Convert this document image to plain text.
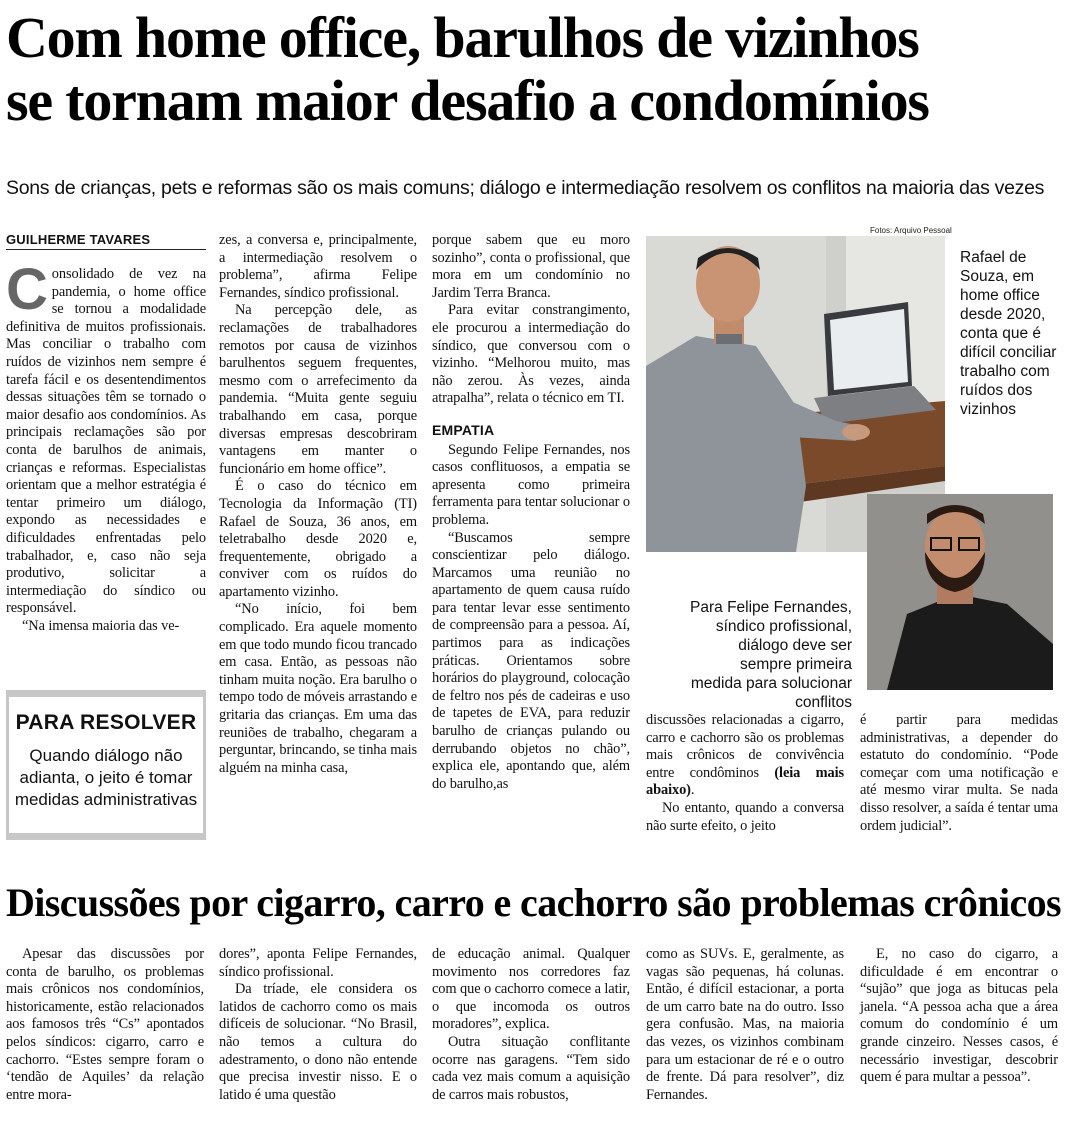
Com home office, barulhos de vizinhos
se tornam maior desafio a condomínios
Sons de crianças, pets e reformas são os mais comuns; diálogo e intermediação resolvem os conflitos na maioria das vezes
GUILHERME TAVARES

Consolidado de vez na pandemia, o home office se tornou a modalidade definitiva de muitos profissionais. Mas conciliar o trabalho com ruídos de vizinhos nem sempre é tarefa fácil e os desentendimentos dessas situações têm se tornado o maior desafio aos condomínios. As principais reclamações são por conta de barulhos de animais, crianças e reformas. Especialistas orientam que a melhor estratégia é tentar primeiro um diálogo, expondo as necessidades e dificuldades enfrentadas pelo trabalhador, e, caso não seja produtivo, solicitar a intermediação do síndico ou responsável.

“Na imensa maioria das ve-

PARA RESOLVER
Quando diálogo não adianta, o jeito é tomar medidas administrativas

zes, a conversa e, principalmente, a intermediação resolvem o problema”, afirma Felipe Fernandes, síndico profissional.

Na percepção dele, as reclamações de trabalhadores remotos por causa de vizinhos barulhentos seguem frequentes, mesmo com o arrefecimento da pandemia. “Muita gente seguiu trabalhando em casa, porque diversas empresas descobriram vantagens em manter o funcionário em home office”.

É o caso do técnico em Tecnologia da Informação (TI) Rafael de Souza, 36 anos, em teletrabalho desde 2020 e, frequentemente, obrigado a conviver com os ruídos do apartamento vizinho.

“No início, foi bem complicado. Era aquele momento em que todo mundo ficou trancado em casa. Então, as pessoas não tinham muita noção. Era barulho o tempo todo de móveis arrastando e gritaria das crianças. Em uma das reuniões de trabalho, chegaram a perguntar, brincando, se tinha mais alguém na minha casa,

porque sabem que eu moro sozinho”, conta o profissional, que mora em um condomínio no Jardim Terra Branca.

Para evitar constrangimento, ele procurou a intermediação do síndico, que conversou com o vizinho. “Melhorou muito, mas não zerou. Às vezes, ainda atrapalha”, relata o técnico em TI.

EMPATIA

Segundo Felipe Fernandes, nos casos conflituosos, a empatia se apresenta como primeira ferramenta para tentar solucionar o problema.

“Buscamos sempre conscientizar pelo diálogo. Marcamos uma reunião no apartamento de quem causa ruído para tentar levar esse sentimento de compreensão para a pessoa. Aí, partimos para as indicações práticas. Orientamos sobre horários do playground, colocação de feltro nos pés de cadeiras e uso de tapetes de EVA, para reduzir barulho de crianças pulando ou derrubando objetos no chão”, explica ele, apontando que, além do barulho,as

Fotos: Arquivo Pessoal
Rafael de Souza, em home office desde 2020, conta que é difícil conciliar trabalho com ruídos dos vizinhos
Para Felipe Fernandes, síndico profissional, diálogo deve ser sempre primeira medida para solucionar conflitos

discussões relacionadas a cigarro, carro e cachorro são os problemas mais crônicos de convivência entre condôminos (leia mais abaixo).

No entanto, quando a conversa não surte efeito, o jeito

é partir para medidas administrativas, a depender do estatuto do condomínio. “Pode começar com uma notificação e até mesmo virar multa. Se nada disso resolver, a saída é tentar uma ordem judicial”.

Discussões por cigarro, carro e cachorro são problemas crônicos

Apesar das discussões por conta de barulho, os problemas mais crônicos nos condomínios, historicamente, estão relacionados aos famosos três “Cs” apontados pelos síndicos: cigarro, carro e cachorro. “Estes sempre foram o ‘tendão de Aquiles’ da relação entre mora-

dores”, aponta Felipe Fernandes, síndico profissional.

Da tríade, ele considera os latidos de cachorro como os mais difíceis de solucionar. “No Brasil, não temos a cultura do adestramento, o dono não entende que precisa investir nisso. E o latido é uma questão

de educação animal. Qualquer movimento nos corredores faz com que o cachorro comece a latir, o que incomoda os outros moradores”, explica.

Outra situação conflitante ocorre nas garagens. “Tem sido cada vez mais comum a aquisição de carros mais robustos,

como as SUVs. E, geralmente, as vagas são pequenas, há colunas. Então, é difícil estacionar, a porta de um carro bate na do outro. Isso gera confusão. Mas, na maioria das vezes, os vizinhos combinam para um estacionar de ré e o outro de frente. Dá para resolver”, diz Fernandes.

E, no caso do cigarro, a dificuldade é em encontrar o “sujão” que joga as bitucas pela janela. “A pessoa acha que a área comum do condomínio é um grande cinzeiro. Nesses casos, é necessário investigar, descobrir quem é para multar a pessoa”.
